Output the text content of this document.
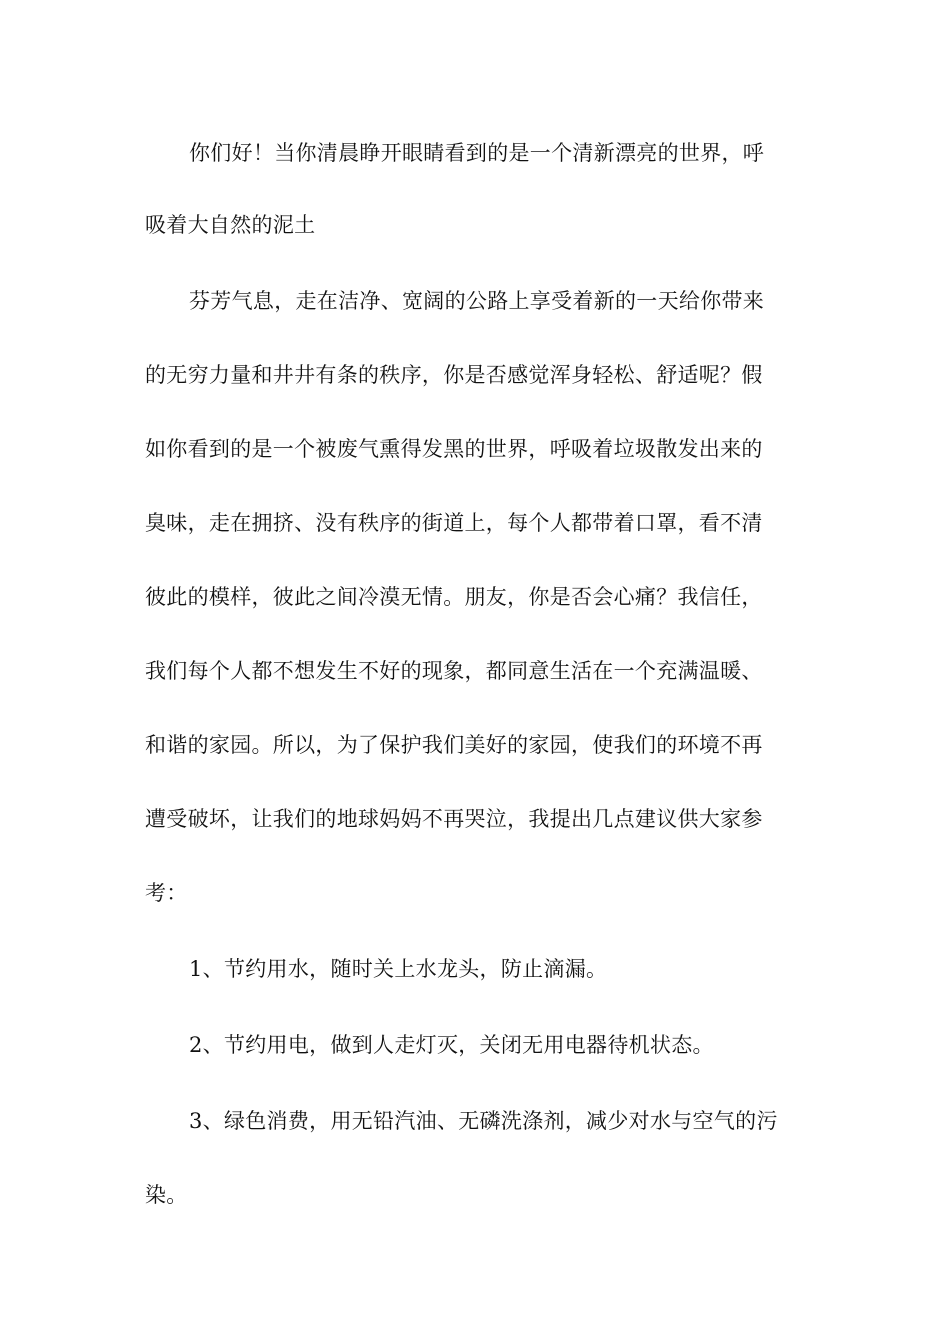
你们好！当你清晨睁开眼睛看到的是一个清新漂亮的世界，呼
吸着大自然的泥土
芬芳气息，走在洁净、宽阔的公路上享受着新的一天给你带来
的无穷力量和井井有条的秩序，你是否感觉浑身轻松、舒适呢？假
如你看到的是一个被废气熏得发黑的世界，呼吸着垃圾散发出来的
臭味，走在拥挤、没有秩序的街道上，每个人都带着口罩，看不清
彼此的模样，彼此之间冷漠无情。朋友，你是否会心痛？我信任，
我们每个人都不想发生不好的现象，都同意生活在一个充满温暖、
和谐的家园。所以，为了保护我们美好的家园，使我们的环境不再
遭受破坏，让我们的地球妈妈不再哭泣，我提出几点建议供大家参
考：
1、节约用水，随时关上水龙头，防止滴漏。
2、节约用电，做到人走灯灭，关闭无用电器待机状态。
3、绿色消费，用无铅汽油、无磷洗涤剂，减少对水与空气的污
染。
